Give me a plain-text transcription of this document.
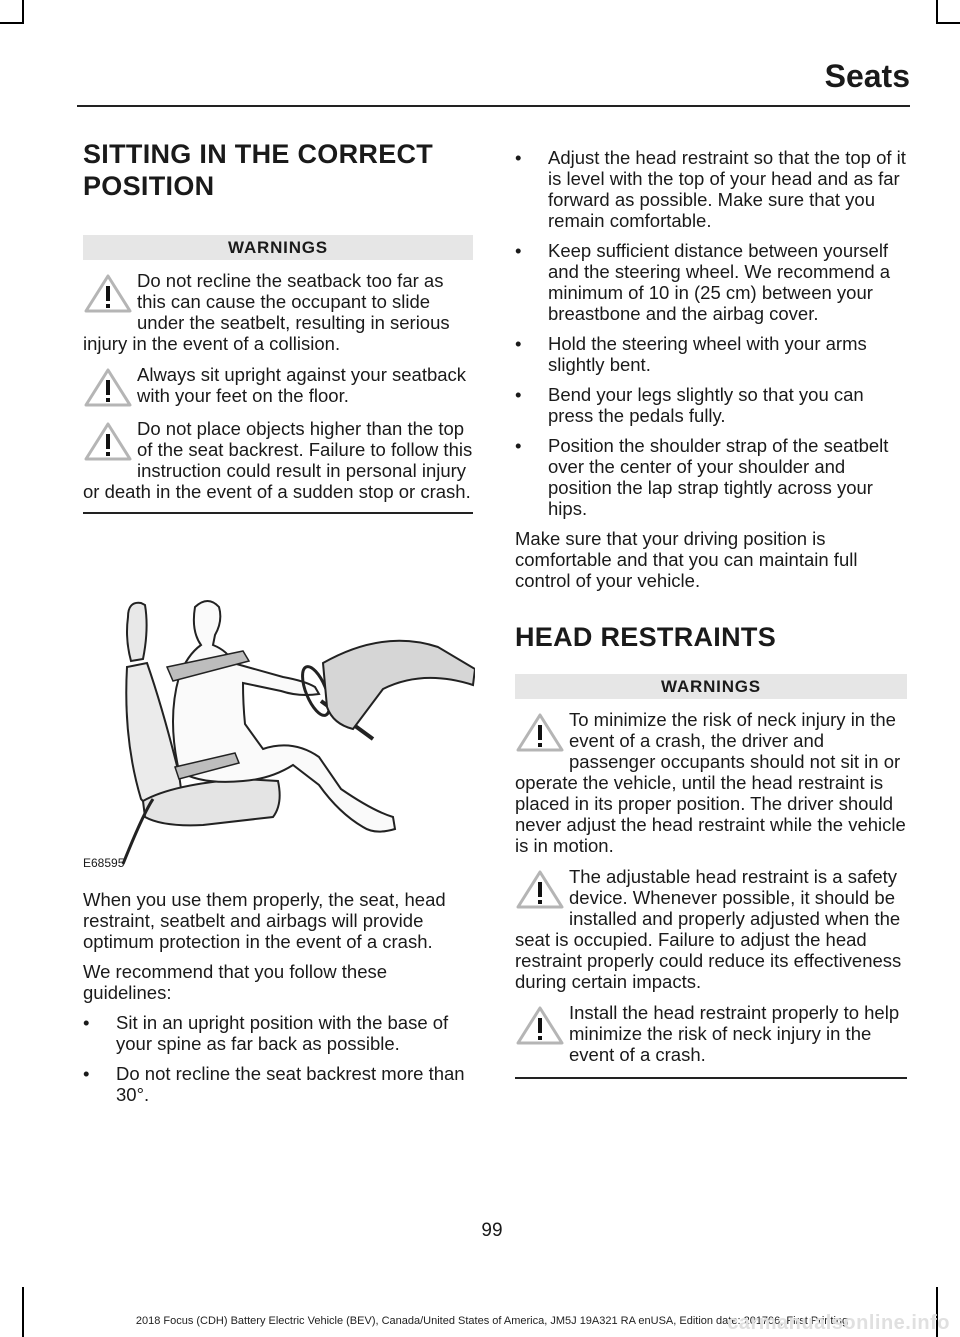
Seats
SITTING IN THE CORRECT POSITION
WARNINGS
Do not recline the seatback too far as this can cause the occupant to slide under the seatbelt, resulting in serious injury in the event of a collision.
Always sit upright against your seatback with your feet on the floor.
Do not place objects higher than the top of the seat backrest. Failure to follow this instruction could result in personal injury or death in the event of a sudden stop or crash.
E68595

When you use them properly, the seat, head restraint, seatbelt and airbags will provide optimum protection in the event of a crash.

We recommend that you follow these guidelines:

• Sit in an upright position with the base of your spine as far back as possible.
• Do not recline the seat backrest more than 30°.
• Adjust the head restraint so that the top of it is level with the top of your head and as far forward as possible. Make sure that you remain comfortable.
• Keep sufficient distance between yourself and the steering wheel. We recommend a minimum of 10 in (25 cm) between your breastbone and the airbag cover.
• Hold the steering wheel with your arms slightly bent.
• Bend your legs slightly so that you can press the pedals fully.
• Position the shoulder strap of the seatbelt over the center of your shoulder and position the lap strap tightly across your hips.

Make sure that your driving position is comfortable and that you can maintain full control of your vehicle.

HEAD RESTRAINTS
WARNINGS
To minimize the risk of neck injury in the event of a crash, the driver and passenger occupants should not sit in or operate the vehicle, until the head restraint is placed in its proper position. The driver should never adjust the head restraint while the vehicle is in motion.
The adjustable head restraint is a safety device. Whenever possible, it should be installed and properly adjusted when the seat is occupied. Failure to adjust the head restraint properly could reduce its effectiveness during certain impacts.
Install the head restraint properly to help minimize the risk of neck injury in the event of a crash.
99
2018 Focus (CDH) Battery Electric Vehicle (BEV), Canada/United States of America, JM5J 19A321 RA enUSA, Edition date: 201706, First Printing
carmanualsonline.info
